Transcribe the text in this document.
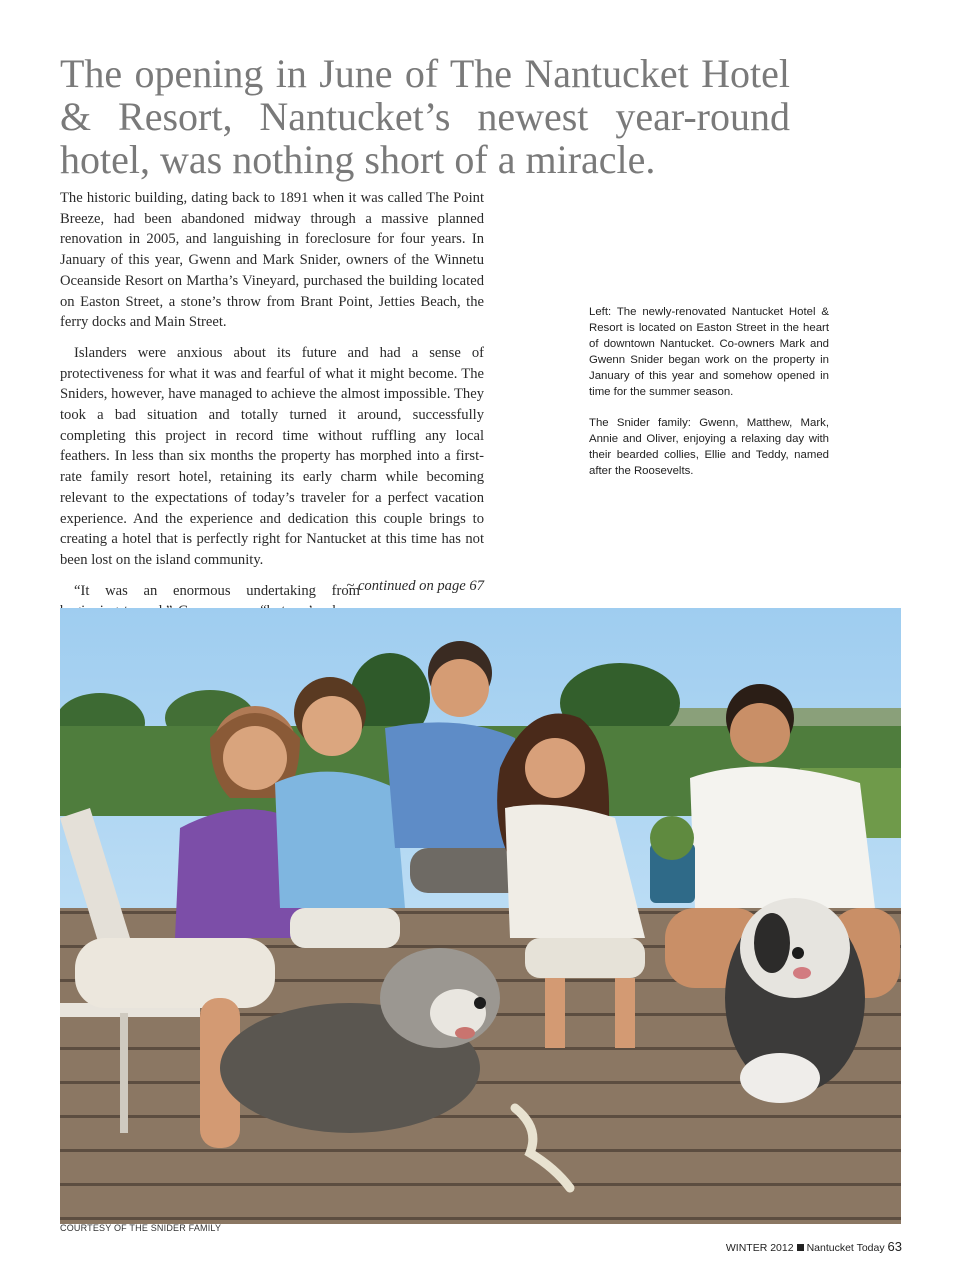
The opening in June of The Nantucket Hotel & Resort, Nantucket’s newest year-round hotel, was nothing short of a miracle.

The historic building, dating back to 1891 when it was called The Point Breeze, had been abandoned midway through a massive planned renovation in 2005, and languishing in foreclosure for four years. In January of this year, Gwenn and Mark Snider, owners of the Winnetu Oceanside Resort on Martha’s Vineyard, purchased the building located on Easton Street, a stone’s throw from Brant Point, Jetties Beach, the ferry docks and Main Street.

Islanders were anxious about its future and had a sense of protectiveness for what it was and fearful of what it might become. The Sniders, however, have managed to achieve the almost impossible. They took a bad situation and totally turned it around, successfully completing this project in record time without ruffling any local feathers. In less than six months the property has morphed into a first-rate family resort hotel, retaining its early charm while becoming relevant to the expectations of today’s traveler for a perfect vacation experience. And the experience and dedication this couple brings to creating a hotel that is perfectly right for Nantucket at this time has not been lost on the island community.

“It was an enormous undertaking from

~ continued on page 67

Left: The newly-renovated Nantucket Hotel & Resort is located on Easton Street in the heart of downtown Nantucket. Co-owners Mark and Gwenn Snider began work on the property in January of this year and somehow opened in time for the summer season.

The Snider family: Gwenn, Matthew, Mark, Annie and Oliver, enjoying a relaxing day with their bearded collies, Ellie and Teddy, named after the Roosevelts.

COURTESY OF THE SNIDER FAMILY
WINTER 2012 Nantucket Today 63
